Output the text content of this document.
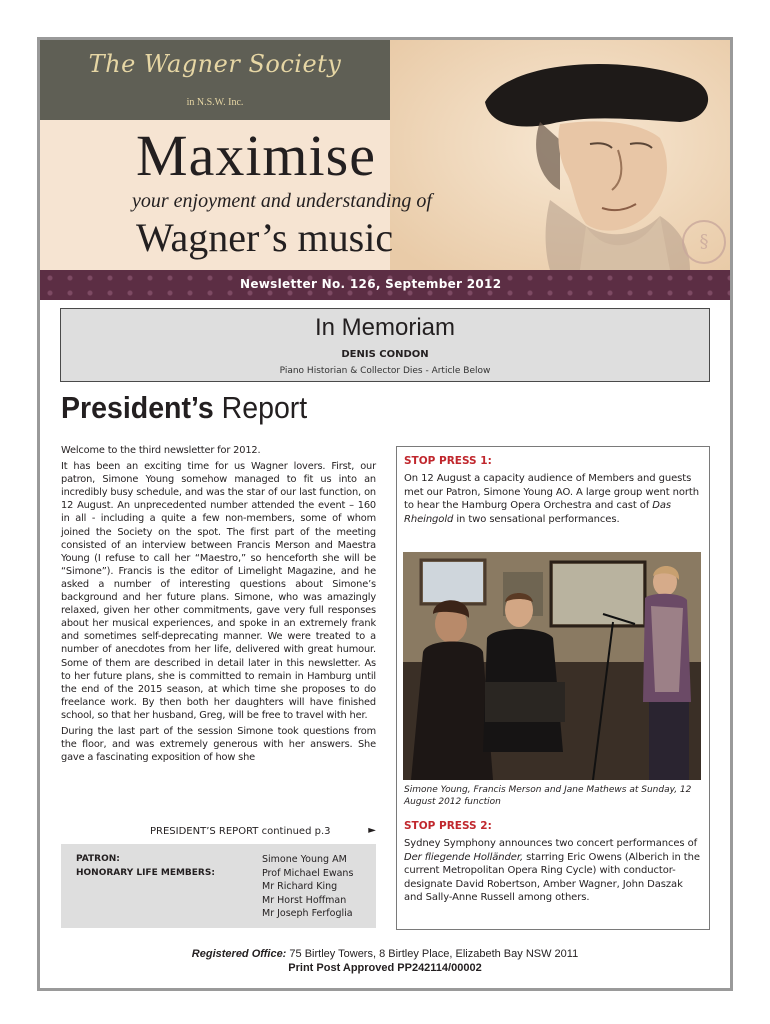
The Wagner Society
in N.S.W. Inc.
§
Maximise
your enjoyment and understanding of
Wagner’s music
Newsletter No. 126, September 2012
In Memoriam
DENIS CONDON
Piano Historian & Collector Dies - Article Below
President’s Report

Welcome to the third newsletter for 2012.

It has been an exciting time for us Wagner lovers. First, our patron, Simone Young somehow managed to fit us into an incredibly busy schedule, and was the star of our last function, on 12 August. An unprecedented number attended the event – 160 in all - including a quite a few non-members, some of whom joined the Society on the spot. The first part of the meeting consisted of an interview between Francis Merson and Maestra Young (I refuse to call her “Maestro,” so henceforth she will be “Simone”). Francis is the editor of Limelight Magazine, and he asked a number of interesting questions about Simone’s background and her future plans. Simone, who was amazingly relaxed, given her other commitments, gave very full responses about her musical experiences, and spoke in an extremely frank and sometimes self-deprecating manner. We were treated to a number of anecdotes from her life, delivered with great humour. Some of them are described in detail later in this newsletter. As to her future plans, she is committed to remain in Hamburg until the end of the 2015 season, at which time she proposes to do freelance work. By then both her daughters will have finished school, so that her husband, Greg, will be free to travel with her.

During the last part of the session Simone took questions from the floor, and was extremely generous with her answers. She gave a fascinating exposition of how she

PRESIDENT’S REPORT continued p.3	►
PATRON:
HONORARY LIFE MEMBERS:
Simone Young AM
Prof Michael Ewans
Mr Richard King
Mr Horst Hoffman
Mr Joseph Ferfoglia
STOP PRESS 1:
On 12 August a capacity audience of Members and guests met our Patron, Simone Young AO. A large group went north to hear the Hamburg Opera Orchestra and cast of Das Rheingold in two sensational performances.
Simone Young, Francis Merson and Jane Mathews at Sunday, 12 August 2012 function
STOP PRESS 2:
Sydney Symphony announces two concert performances of Der fliegende Holländer, starring Eric Owens (Alberich in the current Metropolitan Opera Ring Cycle) with conductor-designate David Robertson, Amber Wagner, John Daszak and Sally-Anne Russell among others.
Registered Office: 75 Birtley Towers, 8 Birtley Place, Elizabeth Bay NSW 2011
Print Post Approved PP242114/00002
